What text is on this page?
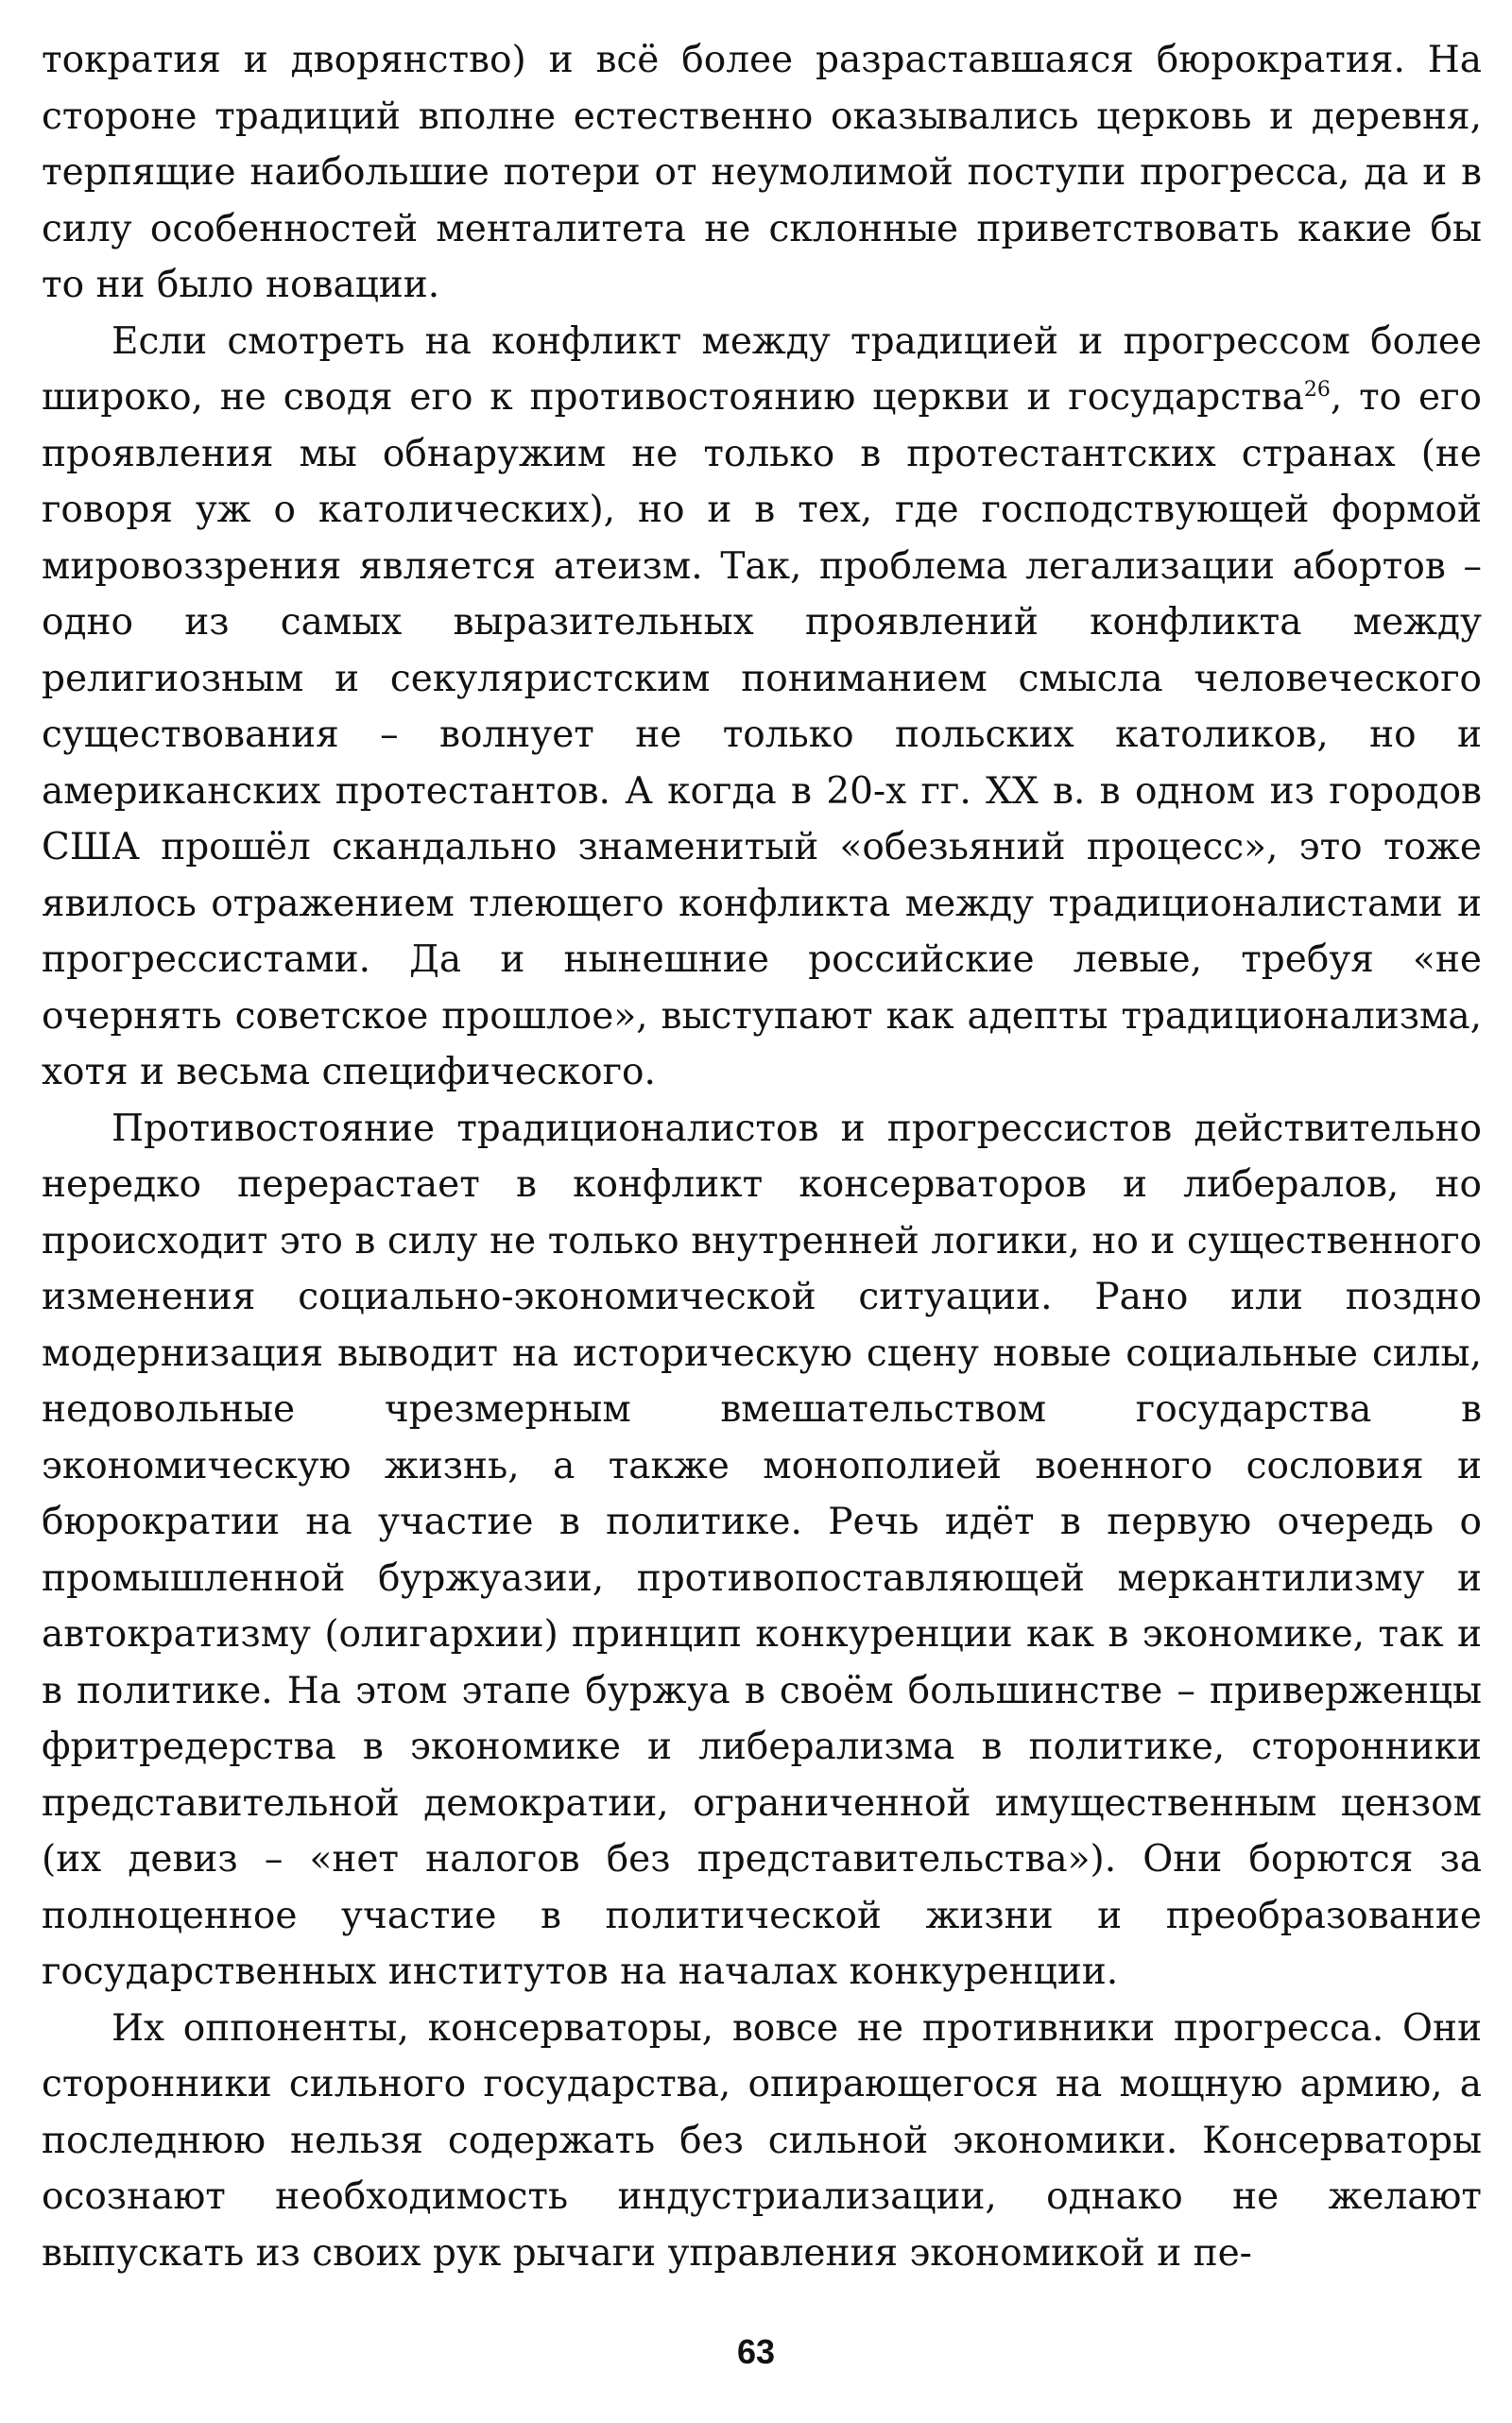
тократия и дворянство) и всё более разраставшаяся бюрократия. На стороне традиций вполне естественно оказывались церковь и деревня, терпящие наибольшие потери от неумолимой поступи прогресса, да и в силу особенностей менталитета не склонные приветствовать какие бы то ни было новации.

Если смотреть на конфликт между традицией и прогрессом более широко, не сводя его к противостоянию церкви и государства$^{26}$, то его проявления мы обнаружим не только в протестантских странах (не говоря уж о католических), но и в тех, где господствующей формой мировоззрения является атеизм. Так, проблема легализации абортов – одно из самых выразительных проявлений конфликта между религиозным и секуляристским пониманием смысла человеческого существования – волнует не только польских католиков, но и американских протестантов. А когда в 20-х гг. XX в. в одном из городов США прошёл скандально знаменитый «обезьяний процесс», это тоже явилось отражением тлеющего конфликта между традиционалистами и прогрессистами. Да и нынешние российские левые, требуя «не очернять советское прошлое», выступают как адепты традиционализма, хотя и весьма специфического.

Противостояние традиционалистов и прогрессистов действительно нередко перерастает в конфликт консерваторов и либералов, но происходит это в силу не только внутренней логики, но и существенного изменения социально-экономической ситуации. Рано или поздно модернизация выводит на историческую сцену новые социальные силы, недовольные чрезмерным вмешательством государства в экономическую жизнь, а также монополией военного сословия и бюрократии на участие в политике. Речь идёт в первую очередь о промышленной буржуазии, противопоставляющей меркантилизму и автократизму (олигархии) принцип конкуренции как в экономике, так и в политике. На этом этапе буржуа в своём большинстве – приверженцы фритредерства в экономике и либерализма в политике, сторонники представительной демократии, ограниченной имущественным цензом (их девиз – «нет налогов без представительства»). Они борются за полноценное участие в политической жизни и преобразование государственных институтов на началах конкуренции.

Их оппоненты, консерваторы, вовсе не противники прогресса. Они сторонники сильного государства, опирающегося на мощную армию, а последнюю нельзя содержать без сильной экономики. Консерваторы осознают необходимость индустриализации, однако не желают выпускать из своих рук рычаги управления экономикой и пе-

63
